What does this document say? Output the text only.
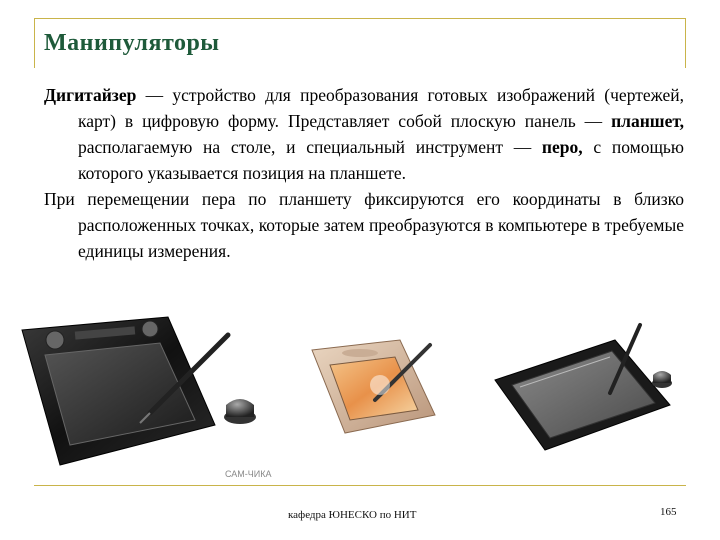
Манипуляторы

Дигитайзер — устройство для преобразования готовых изображений (чертежей, карт) в цифровую форму. Представляет собой плоскую панель — планшет, располагаемую на столе, и специальный инструмент — перо, с помощью которого указывается позиция на планшете.

При перемещении пера по планшету фиксируются его координаты в близко расположенных точках, которые затем преобразуются в компьютере в требуемые единицы измерения.

САМ-ЧИКА
кафедра ЮНЕСКО по НИТ	165
